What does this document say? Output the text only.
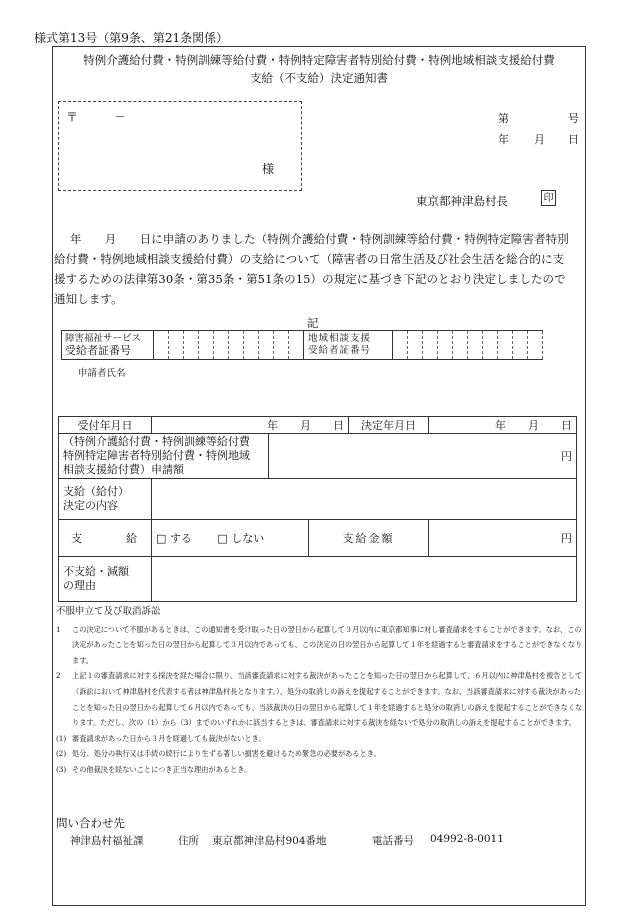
様式第13号（第9条、第21条関係）
特例介護給付費・特例訓練等給付費・特例特定障害者特別給付費・特例地域相談支援給付費
支給（不支給）決定通知書
〒	－
様
第	号
年 月 日
東京都神津島村長	印

年　　月　　日に申請のありました（特例介護給付費・特例訓練等給付費・特例特定障害者特別

給付費・特例地域相談支援給付費）の支給について（障害者の日常生活及び社会生活を総合的に支

援するための法律第30条・第35条・第51条の15）の規定に基づき下記のとおり決定しましたので

通知します。

記
障害福祉サービス
受給者証番号

地域相談支援
受給者証番号

申請者氏名
受付年月日	年　　月　　日			決定年月日	年　　月　　日

（特例介護給付費・特例訓練等給付費
特例特定障害者特別給付費・特例地域
相談支援給付費）申請額		円			

支給（給付）
決定の内容					

支　　　　給	□ する □ しない		支給金額		円

不支給・減額
の理由					

不服申立て及び取消訴訟
1 この決定について不服があるときは、この通知書を受け取った日の翌日から起算して３月以内に東京都知事に対し審査請求をすることができます。なお、この決定があったことを知った日の翌日から起算して３月以内であっても、この決定の日の翌日から起算して１年を経過すると審査請求をすることができなくなります。
2 上記１の審査請求に対する採決を経た場合に限り、当該審査請求に対する裁決があったことを知った日の翌日から起算して、６月以内に神津島村を被告として（訴訟において神津島村を代表する者は神津島村長となります。）、処分の取消しの訴えを提起することができます。なお、当該審査請求に対する裁決があったことを知った日の翌日から起算して６月以内であっても、当該裁決の日の翌日から起算して１年を経過すると処分の取消しの訴えを提起することができなくなります。ただし、次の（1）から（3）までのいずれかに該当するときは、審査請求に対する裁決を経ないで処分の取消しの訴えを提起することができます。
(1) 審査請求があった日から３月を経過しても裁決がないとき。
(2) 処分、処分の執行又は手続の続行により生ずる著しい損害を避けるため緊急の必要があるとき。
(3) その他裁決を経ないことにつき正当な理由があるとき。
問い合わせ先
神津島村福祉課	住所 東京都神津島村904番地	電話番号 04992-8-0011
